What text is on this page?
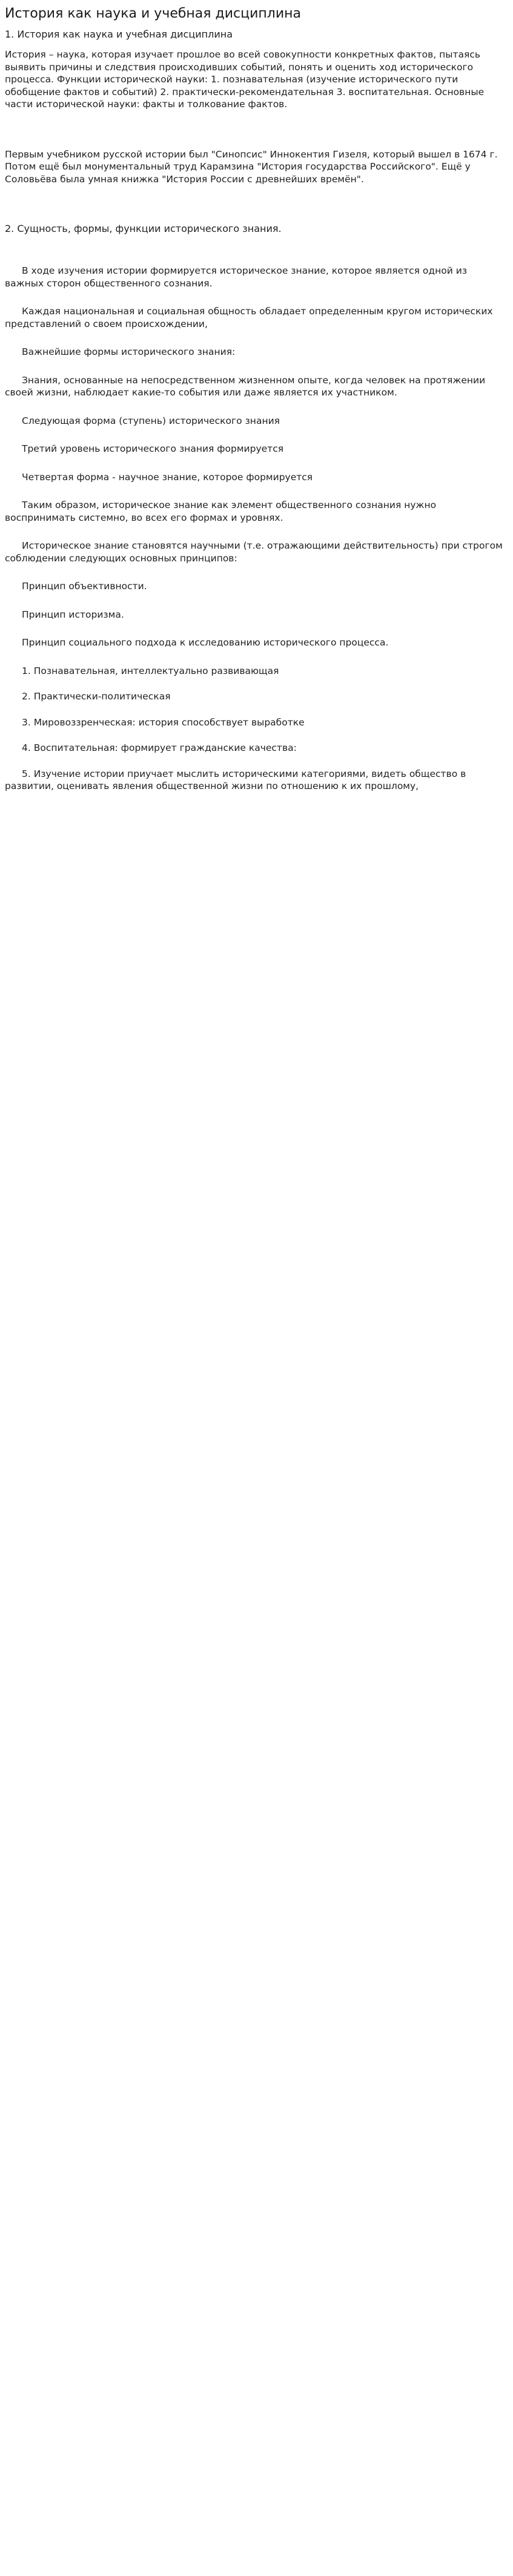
История как наука и учебная дисциплина
1. История как наука и учебная дисциплина

История – наука, которая изучает прошлое во всей совокупности конкретных фактов, пытаясь выявить причины и следствия происходивших событий, понять и оценить ход исторического процесса. Функции исторической науки: 1. познавательная (изучение исторического пути обобщение фактов и событий) 2. практически-рекомендательная 3. воспитательная. Основные части исторической науки: факты и толкование фактов.

Первым учебником русской истории был "Синопсис" Иннокентия Гизеля, который вышел в 1674 г. Потом ещё был монументальный труд Карамзина "История государства Российского". Ещё у Соловьёва была умная книжка "История России с древнейших времён".

2. Сущность, формы, функции исторического знания.

В ходе изучения истории формируется историческое знание, которое является одной из важных сторон общественного сознания.

Каждая национальная и социальная общность обладает определенным кругом исторических представлений о своем происхождении,

Важнейшие формы исторического знания:

Знания, основанные на непосредственном жизненном опыте, когда человек на протяжении своей жизни, наблюдает какие-то события или даже является их участником.

Следующая форма (ступень) исторического знания

Третий уровень исторического знания формируется

Четвертая форма - научное знание, которое формируется

Таким образом, историческое знание как элемент общественного сознания нужно воспринимать системно, во всех его формах и уровнях.

Историческое знание становятся научными (т.е. отражающими действительность) при строгом соблюдении следующих основных принципов:

Принцип объективности.

Принцип историзма.

Принцип социального подхода к исследованию исторического процесса.

1. Познавательная, интеллектуально развивающая

2. Практически-политическая

3. Мировоззренческая: история способствует выработке

4. Воспитательная: формирует гражданские качества:

5. Изучение истории приучает мыслить историческими категориями, видеть общество в развитии, оценивать явления общественной жизни по отношению к их прошлому,
